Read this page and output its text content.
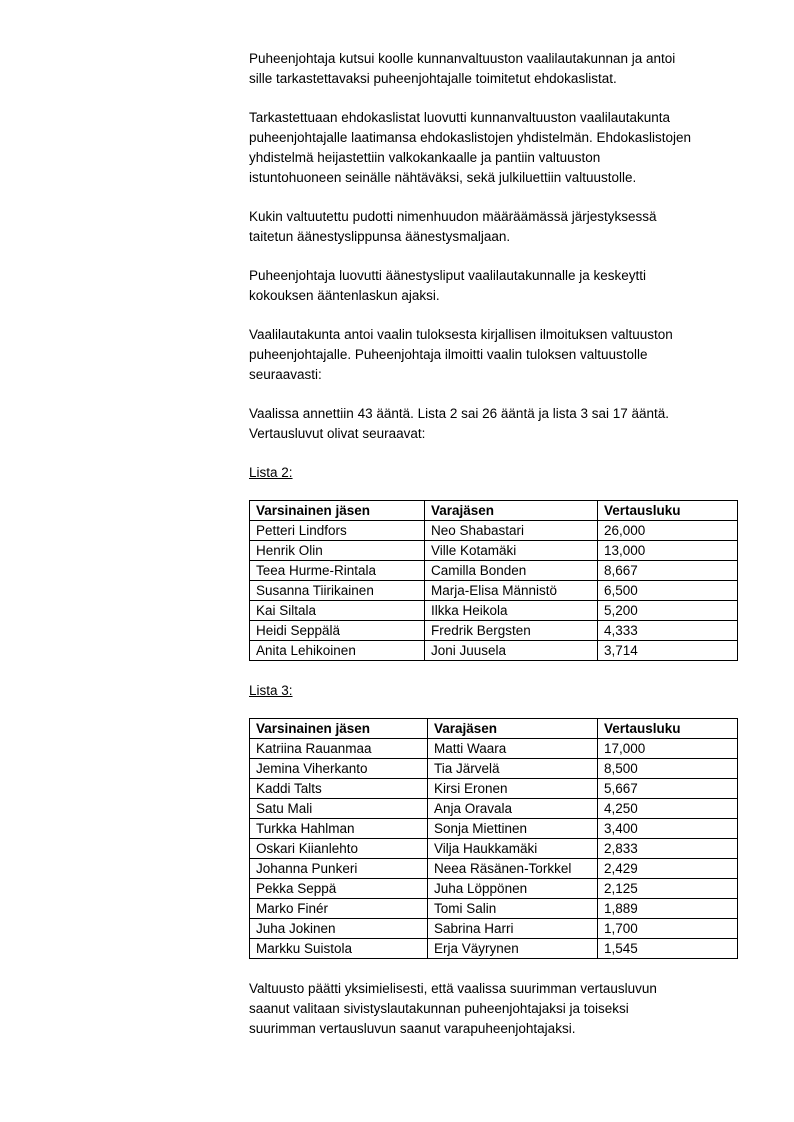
Puheenjohtaja kutsui koolle kunnanvaltuuston vaalilautakunnan ja antoi
sille tarkastettavaksi puheenjohtajalle toimitetut ehdokaslistat.

Tarkastettuaan ehdokaslistat luovutti kunnanvaltuuston vaalilautakunta
puheenjohtajalle laatimansa ehdokaslistojen yhdistelmän. Ehdokaslistojen
yhdistelmä heijastettiin valkokankaalle ja pantiin valtuuston
istuntohuoneen seinälle nähtäväksi, sekä julkiluettiin valtuustolle.

Kukin valtuutettu pudotti nimenhuudon määräämässä järjestyksessä
taitetun äänestyslippunsa äänestysmaljaan.

Puheenjohtaja luovutti äänestysliput vaalilautakunnalle ja keskeytti
kokouksen ääntenlaskun ajaksi.

Vaalilautakunta antoi vaalin tuloksesta kirjallisen ilmoituksen valtuuston
puheenjohtajalle. Puheenjohtaja ilmoitti vaalin tuloksen valtuustolle
seuraavasti:

Vaalissa annettiin 43 ääntä. Lista 2 sai 26 ääntä ja lista 3 sai 17 ääntä.
Vertausluvut olivat seuraavat:

Lista 2:

Varsinainen jäsen	Varajäsen	Vertausluku
Petteri Lindfors	Neo Shabastari	26,000
Henrik Olin	Ville Kotamäki	13,000
Teea Hurme-Rintala	Camilla Bonden	8,667
Susanna Tiirikainen	Marja-Elisa Männistö	6,500
Kai Siltala	Ilkka Heikola	5,200
Heidi Seppälä	Fredrik Bergsten	4,333
Anita Lehikoinen	Joni Juusela	3,714

Lista 3:

Varsinainen jäsen	Varajäsen	Vertausluku
Katriina Rauanmaa	Matti Waara	17,000
Jemina Viherkanto	Tia Järvelä	8,500
Kaddi Talts	Kirsi Eronen	5,667
Satu Mali	Anja Oravala	4,250
Turkka Hahlman	Sonja Miettinen	3,400
Oskari Kiianlehto	Vilja Haukkamäki	2,833
Johanna Punkeri	Neea Räsänen-Torkkel	2,429
Pekka Seppä	Juha Löppönen	2,125
Marko Finér	Tomi Salin	1,889
Juha Jokinen	Sabrina Harri	1,700
Markku Suistola	Erja Väyrynen	1,545

Valtuusto päätti yksimielisesti, että vaalissa suurimman vertausluvun
saanut valitaan sivistyslautakunnan puheenjohtajaksi ja toiseksi
suurimman vertausluvun saanut varapuheenjohtajaksi.
